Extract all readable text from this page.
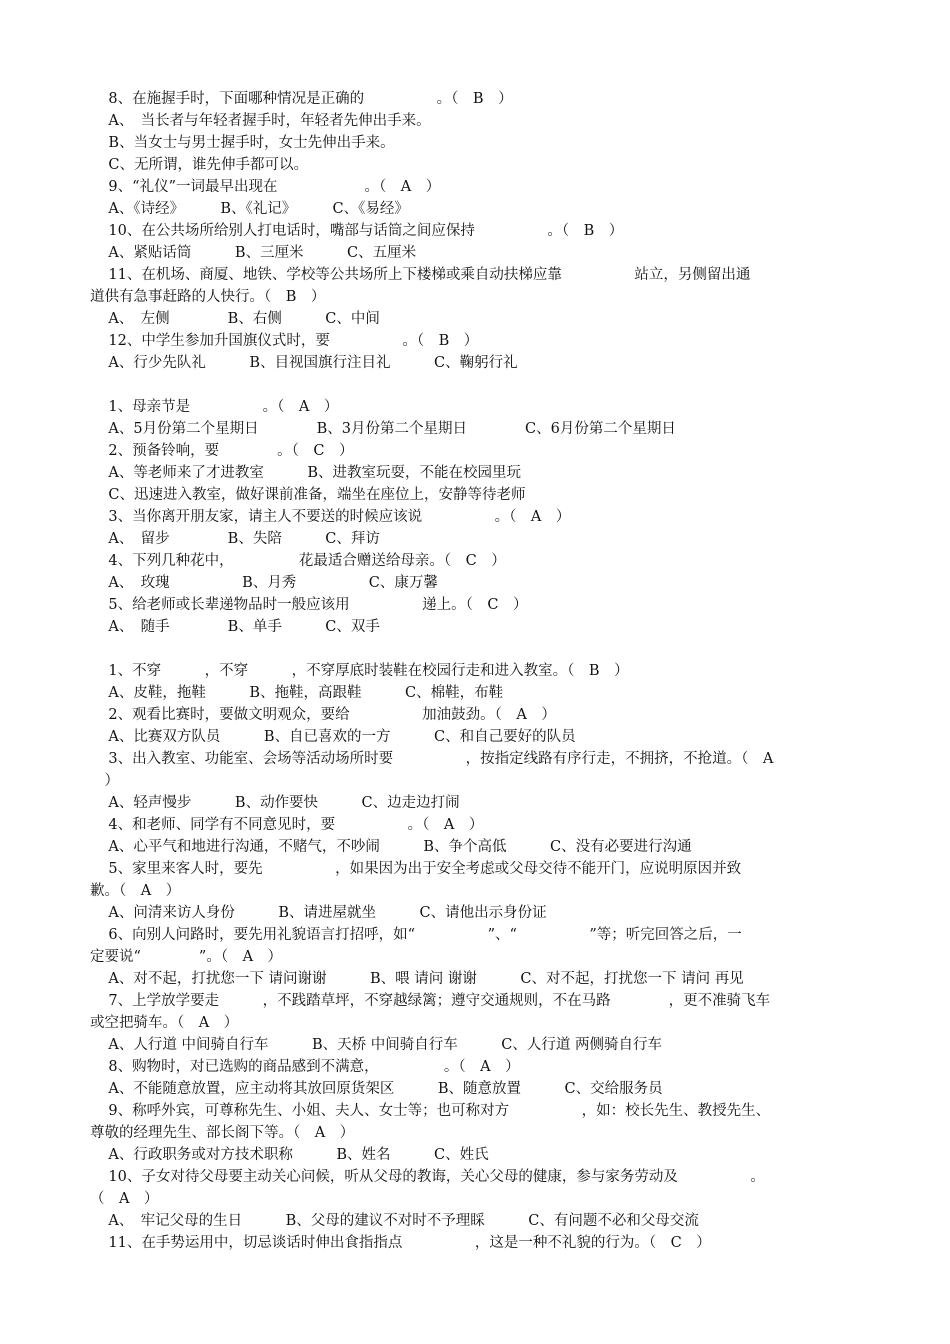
8、在施握手时，下面哪种情况是正确的　　　　　。（　B　）
A、　当长者与年轻者握手时，年轻者先伸出手来。
B、当女士与男士握手时，女士先伸出手来。
C、无所谓，谁先伸手都可以。
9、“礼仪”一词最早出现在　　　　　　。（　A　）
A、《诗经》　　　B、《礼记》　　　C、《易经》
10、在公共场所给别人打电话时，嘴部与话筒之间应保持　　　　　。（　B　）
A、紧贴话筒　　　B、三厘米　　　C、五厘米
11、在机场、商厦、地铁、学校等公共场所上下楼梯或乘自动扶梯应靠　　　　　站立，另侧留出通
道供有急事赶路的人快行。（　B　）
A、　左侧　　　　B、右侧　　　C、中间
12、中学生参加升国旗仪式时，要　　　　　。（　B　）
A、行少先队礼　　　B、目视国旗行注目礼　　　C、鞠躬行礼
1、母亲节是　　　　　。（　A　）
A、5月份第二个星期日　　　　B、3月份第二个星期日　　　　C、6月份第二个星期日
2、预备铃响，要　　　　。（　C　）
A、等老师来了才进教室　　　B、进教室玩耍，不能在校园里玩
C、迅速进入教室，做好课前准备，端坐在座位上，安静等待老师
3、当你离开朋友家，请主人不要送的时候应该说　　　　　。（　A　）
A、　留步　　　　B、失陪　　　C、拜访
4、下列几种花中，　　　　　花最适合赠送给母亲。（　C　）
A、　玫瑰　　　　　B、月秀　　　　　C、康万馨
5、给老师或长辈递物品时一般应该用　　　　　递上。（　C　）
A、　随手　　　　B、单手　　　C、双手
1、不穿　　　，不穿　　　，不穿厚底时装鞋在校园行走和进入教室。（　B　）
A、皮鞋，拖鞋　　　B、拖鞋，高跟鞋　　　C、棉鞋，布鞋
2、观看比赛时，要做文明观众，要给　　　　　加油鼓劲。（　A　）
A、比赛双方队员　　　B、自已喜欢的一方　　　C、和自己要好的队员
3、出入教室、功能室、会场等活动场所时要　　　　　，按指定线路有序行走，不拥挤，不抢道。（　A
　）
A、轻声慢步　　　B、动作要快　　　C、边走边打闹
4、和老师、同学有不同意见时，要　　　　　。（　A　）
A、心平气和地进行沟通，不赌气，不吵闹　　　B、争个高低　　　C、没有必要进行沟通
5、家里来客人时，要先　　　　　，如果因为出于安全考虑或父母交待不能开门，应说明原因并致
歉。（　A　）
A、问清来访人身份　　　B、请进屋就坐　　　C、请他出示身份证
6、向别人问路时，要先用礼貌语言打招呼，如“　　　　　”、“　　　　　”等；听完回答之后，一
定要说“　　　　”。（　A　）
A、对不起，打扰您一下 请问谢谢　　　B、喂 请问 谢谢　　　C、对不起，打扰您一下 请问 再见
7、上学放学要走　　　，不践踏草坪，不穿越绿篱；遵守交通规则，不在马路　　　　，更不准骑飞车
或空把骑车。（　A　）
A、人行道 中间骑自行车　　　B、天桥 中间骑自行车　　　C、人行道 两侧骑自行车
8、购物时，对已选购的商品感到不满意，　　　　　。（　A　）
A、不能随意放置，应主动将其放回原货架区　　　B、随意放置　　　C、交给服务员
9、称呼外宾，可尊称先生、小姐、夫人、女士等；也可称对方　　　　　，如：校长先生、教授先生、
尊敬的经理先生、部长阁下等。（　A　）
A、行政职务或对方技术职称　　　B、姓名　　　C、姓氏
10、子女对待父母要主动关心问候，听从父母的教诲，关心父母的健康，参与家务劳动及　　　　　。
（　A　）
A、　牢记父母的生日　　　B、父母的建议不对时不予理睬　　　C、有问题不必和父母交流
11、在手势运用中，切忌谈话时伸出食指指点　　　　　，这是一种不礼貌的行为。（　C　）
